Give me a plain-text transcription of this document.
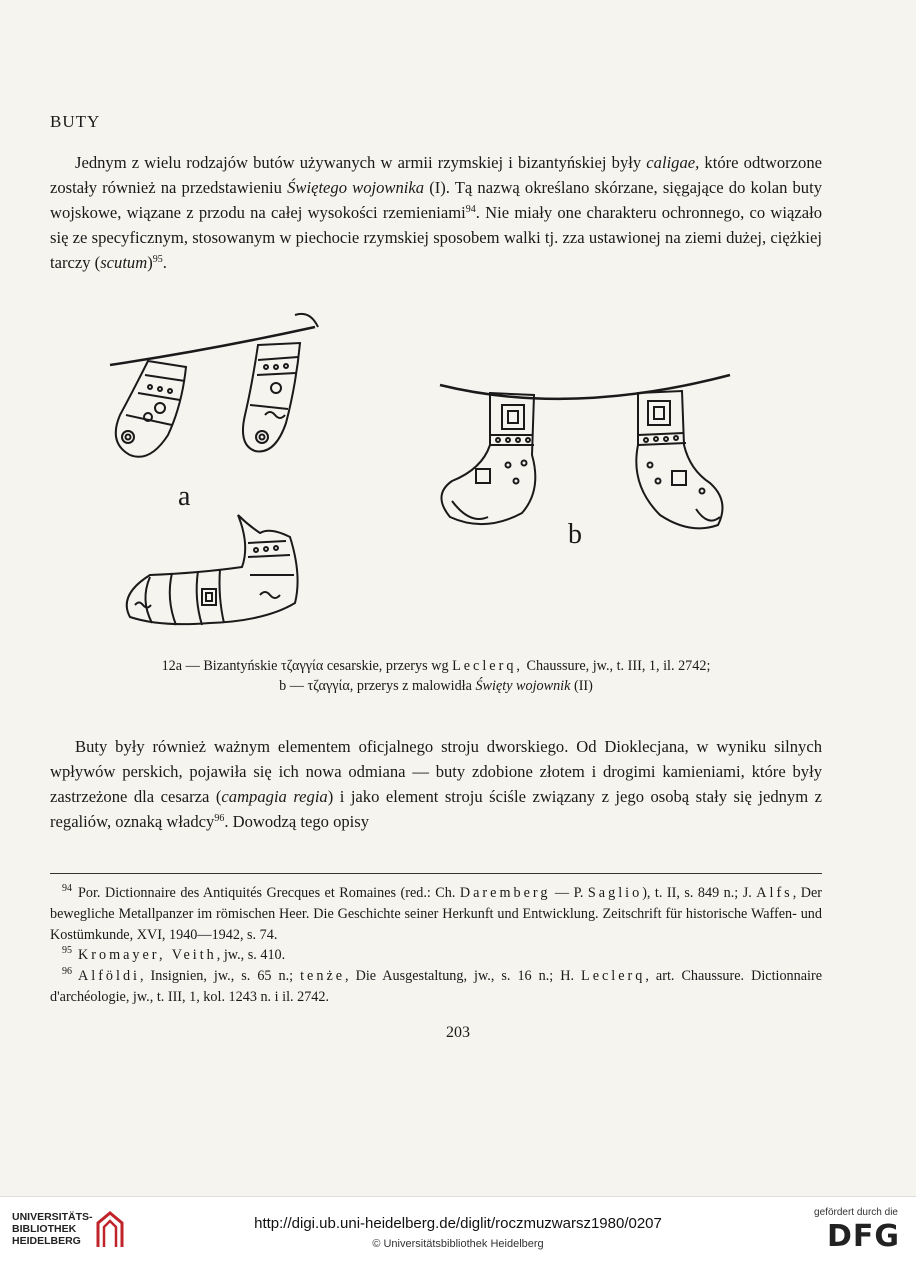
BUTY

Jednym z wielu rodzajów butów używanych w armii rzymskiej i bizantyńskiej były caligae, które odtworzone zostały również na przedstawieniu Świętego wojownika (I). Tą nazwą określano skórzane, sięgające do kolan buty wojskowe, wiązane z przodu na całej wysokości rzemieniami$^{94}$. Nie miały one charakteru ochronnego, co wiązało się ze specyficznym, stosowanym w piechocie rzymskiej sposobem walki tj. zza ustawionej na ziemi dużej, ciężkiej tarczy (scutum)$^{95}$.

a
b
12a — Bizantyńskie τζαγγία cesarskie, przerys wg Leclerq, Chaussure, jw., t. III, 1, il. 2742;
b — τζαγγία, przerys z malowidła Święty wojownik (II)

Buty były również ważnym elementem oficjalnego stroju dworskiego. Od Dioklecjana, w wyniku silnych wpływów perskich, pojawiła się ich nowa odmiana — buty zdobione złotem i drogimi kamieniami, które były zastrzeżone dla cesarza (campagia regia) i jako element stroju ściśle związany z jego osobą stały się jednym z regaliów, oznaką władcy$^{96}$. Dowodzą tego opisy

$^{94}$ Por. Dictionnaire des Antiquités Grecques et Romaines (red.: Ch. Daremberg — P. Saglio), t. II, s. 849 n.; J. Alfs, Der bewegliche Metallpanzer im römischen Heer. Die Geschichte seiner Herkunft und Entwicklung. Zeitschrift für historische Waffen- und Kostümkunde, XVI, 1940—1942, s. 74.

$^{95}$ Kromayer, Veith, jw., s. 410.

$^{96}$ Alföldi, Insignien, jw., s. 65 n.; tenże, Die Ausgestaltung, jw., s. 16 n.; H. Leclerq, art. Chaussure. Dictionnaire d'archéologie, jw., t. III, 1, kol. 1243 n. i il. 2742.

203
UNIVERSITÄTS-
BIBLIOTHEK
HEIDELBERG
http://digi.ub.uni-heidelberg.de/diglit/roczmuzwarsz1980/0207
© Universitätsbibliothek Heidelberg
gefördert durch die
DFG
